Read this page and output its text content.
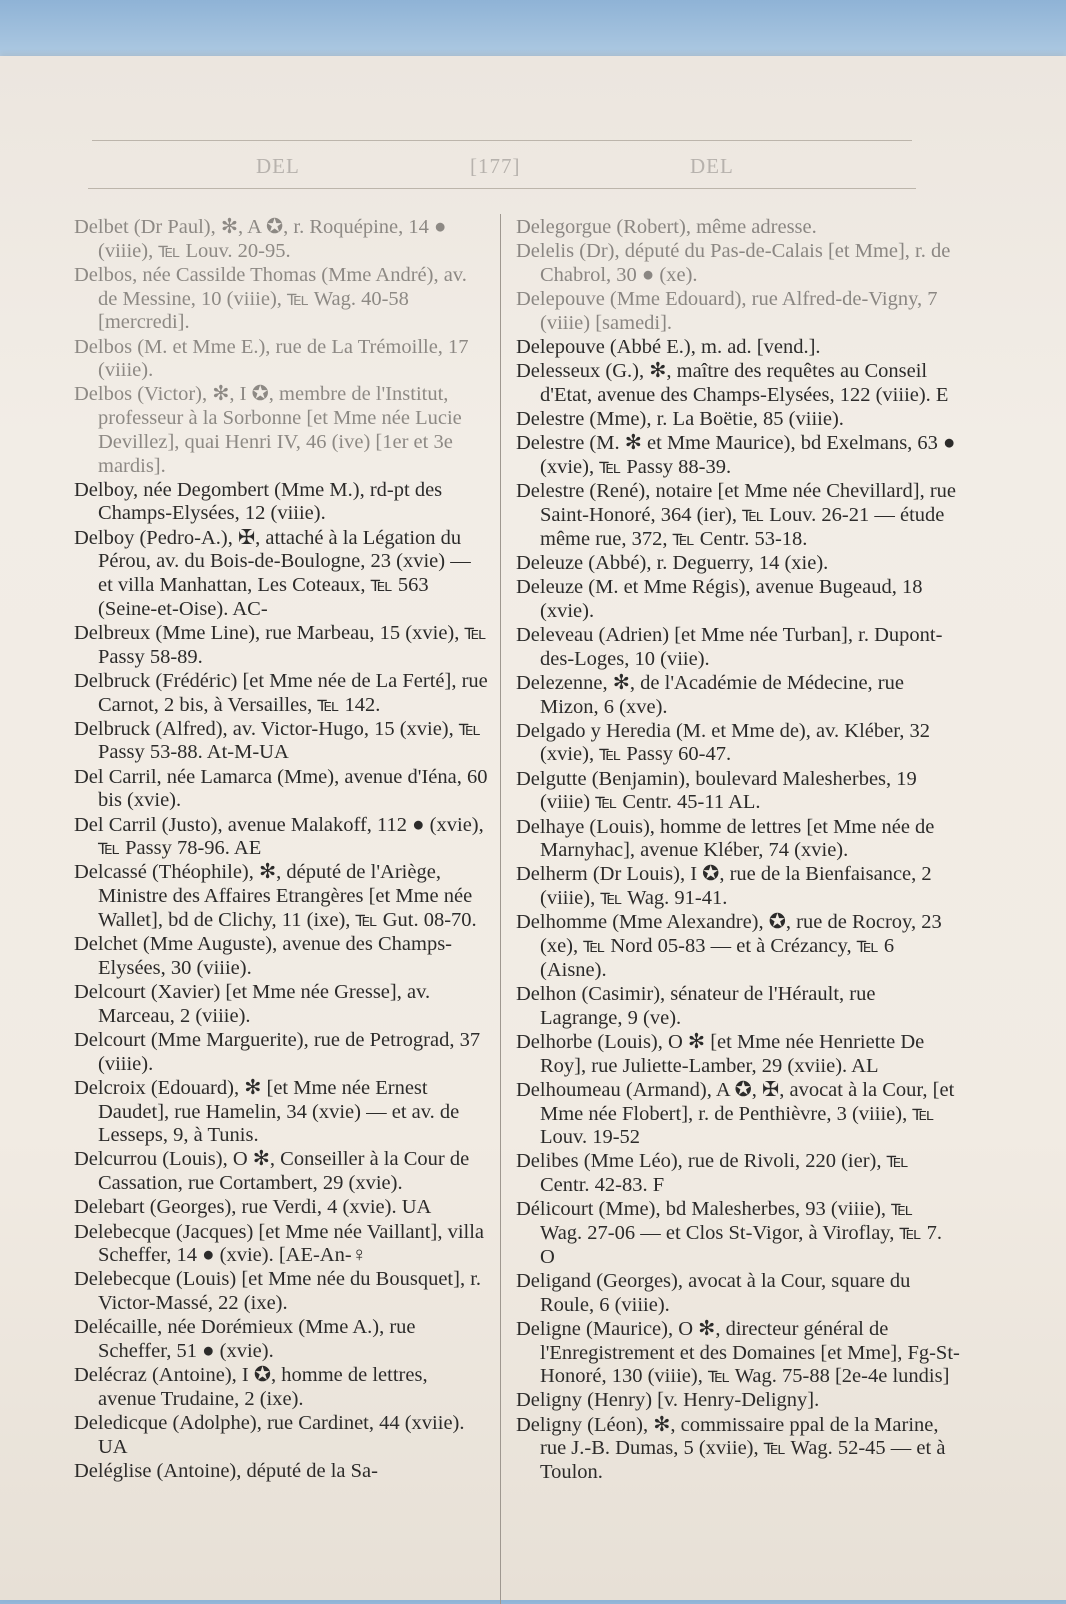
DEL	[177]	DEL

Delbet (Dr Paul), ✻, A ✪, r. Roquépine, 14 ● (viiie), ℡ Louv. 20-95.

Delbos, née Cassilde Thomas (Mme André), av. de Messine, 10 (viiie), ℡ Wag. 40-58 [mercredi].

Delbos (M. et Mme E.), rue de La Trémoille, 17 (viiie).

Delbos (Victor), ✻, I ✪, membre de l'Institut, professeur à la Sorbonne [et Mme née Lucie Devillez], quai Henri IV, 46 (ive) [1er et 3e mardis].

Delboy, née Degombert (Mme M.), rd-pt des Champs-Elysées, 12 (viiie).

Delboy (Pedro-A.), ✠, attaché à la Légation du Pérou, av. du Bois-de-Boulogne, 23 (xvie) — et villa Manhattan, Les Coteaux, ℡ 563 (Seine-et-Oise). AC-

Delbreux (Mme Line), rue Marbeau, 15 (xvie), ℡ Passy 58-89.

Delbruck (Frédéric) [et Mme née de La Ferté], rue Carnot, 2 bis, à Versailles, ℡ 142.

Delbruck (Alfred), av. Victor-Hugo, 15 (xvie), ℡ Passy 53-88. At-M-UA

Del Carril, née Lamarca (Mme), avenue d'Iéna, 60 bis (xvie).

Del Carril (Justo), avenue Malakoff, 112 ● (xvie), ℡ Passy 78-96. AE

Delcassé (Théophile), ✻, député de l'Ariège, Ministre des Affaires Etrangères [et Mme née Wallet], bd de Clichy, 11 (ixe), ℡ Gut. 08-70.

Delchet (Mme Auguste), avenue des Champs-Elysées, 30 (viiie).

Delcourt (Xavier) [et Mme née Gresse], av. Marceau, 2 (viiie).

Delcourt (Mme Marguerite), rue de Petrograd, 37 (viiie).

Delcroix (Edouard), ✻ [et Mme née Ernest Daudet], rue Hamelin, 34 (xvie) — et av. de Lesseps, 9, à Tunis.

Delcurrou (Louis), O ✻, Conseiller à la Cour de Cassation, rue Cortambert, 29 (xvie).

Delebart (Georges), rue Verdi, 4 (xvie). UA

Delebecque (Jacques) [et Mme née Vaillant], villa Scheffer, 14 ● (xvie). [AE-An-♀

Delebecque (Louis) [et Mme née du Bousquet], r. Victor-Massé, 22 (ixe).

Delécaille, née Dorémieux (Mme A.), rue Scheffer, 51 ● (xvie).

Delécraz (Antoine), I ✪, homme de lettres, avenue Trudaine, 2 (ixe).

Deledicque (Adolphe), rue Cardinet, 44 (xviie). UA

Deléglise (Antoine), député de la Sa-

Delegorgue (Robert), même adresse.

Delelis (Dr), député du Pas-de-Calais [et Mme], r. de Chabrol, 30 ● (xe).

Delepouve (Mme Edouard), rue Alfred-de-Vigny, 7 (viiie) [samedi].

Delepouve (Abbé E.), m. ad. [vend.].

Delesseux (G.), ✻, maître des requêtes au Conseil d'Etat, avenue des Champs-Elysées, 122 (viiie). E

Delestre (Mme), r. La Boëtie, 85 (viiie).

Delestre (M. ✻ et Mme Maurice), bd Exelmans, 63 ● (xvie), ℡ Passy 88-39.

Delestre (René), notaire [et Mme née Chevillard], rue Saint-Honoré, 364 (ier), ℡ Louv. 26-21 — étude même rue, 372, ℡ Centr. 53-18.

Deleuze (Abbé), r. Deguerry, 14 (xie).

Deleuze (M. et Mme Régis), avenue Bugeaud, 18 (xvie).

Deleveau (Adrien) [et Mme née Turban], r. Dupont-des-Loges, 10 (viie).

Delezenne, ✻, de l'Académie de Médecine, rue Mizon, 6 (xve).

Delgado y Heredia (M. et Mme de), av. Kléber, 32 (xvie), ℡ Passy 60-47.

Delgutte (Benjamin), boulevard Malesherbes, 19 (viiie) ℡ Centr. 45-11 AL.

Delhaye (Louis), homme de lettres [et Mme née de Marnyhac], avenue Kléber, 74 (xvie).

Delherm (Dr Louis), I ✪, rue de la Bienfaisance, 2 (viiie), ℡ Wag. 91-41.

Delhomme (Mme Alexandre), ✪, rue de Rocroy, 23 (xe), ℡ Nord 05-83 — et à Crézancy, ℡ 6 (Aisne).

Delhon (Casimir), sénateur de l'Hérault, rue Lagrange, 9 (ve).

Delhorbe (Louis), O ✻ [et Mme née Henriette De Roy], rue Juliette-Lamber, 29 (xviie). AL

Delhoumeau (Armand), A ✪, ✠, avocat à la Cour, [et Mme née Flobert], r. de Penthièvre, 3 (viiie), ℡ Louv. 19-52

Delibes (Mme Léo), rue de Rivoli, 220 (ier), ℡ Centr. 42-83. F

Délicourt (Mme), bd Malesherbes, 93 (viiie), ℡ Wag. 27-06 — et Clos St-Vigor, à Viroflay, ℡ 7. O

Deligand (Georges), avocat à la Cour, square du Roule, 6 (viiie).

Deligne (Maurice), O ✻, directeur général de l'Enregistrement et des Domaines [et Mme], Fg-St-Honoré, 130 (viiie), ℡ Wag. 75-88 [2e-4e lundis]

Deligny (Henry) [v. Henry-Deligny].

Deligny (Léon), ✻, commissaire ppal de la Marine, rue J.-B. Dumas, 5 (xviie), ℡ Wag. 52-45 — et à Toulon.
